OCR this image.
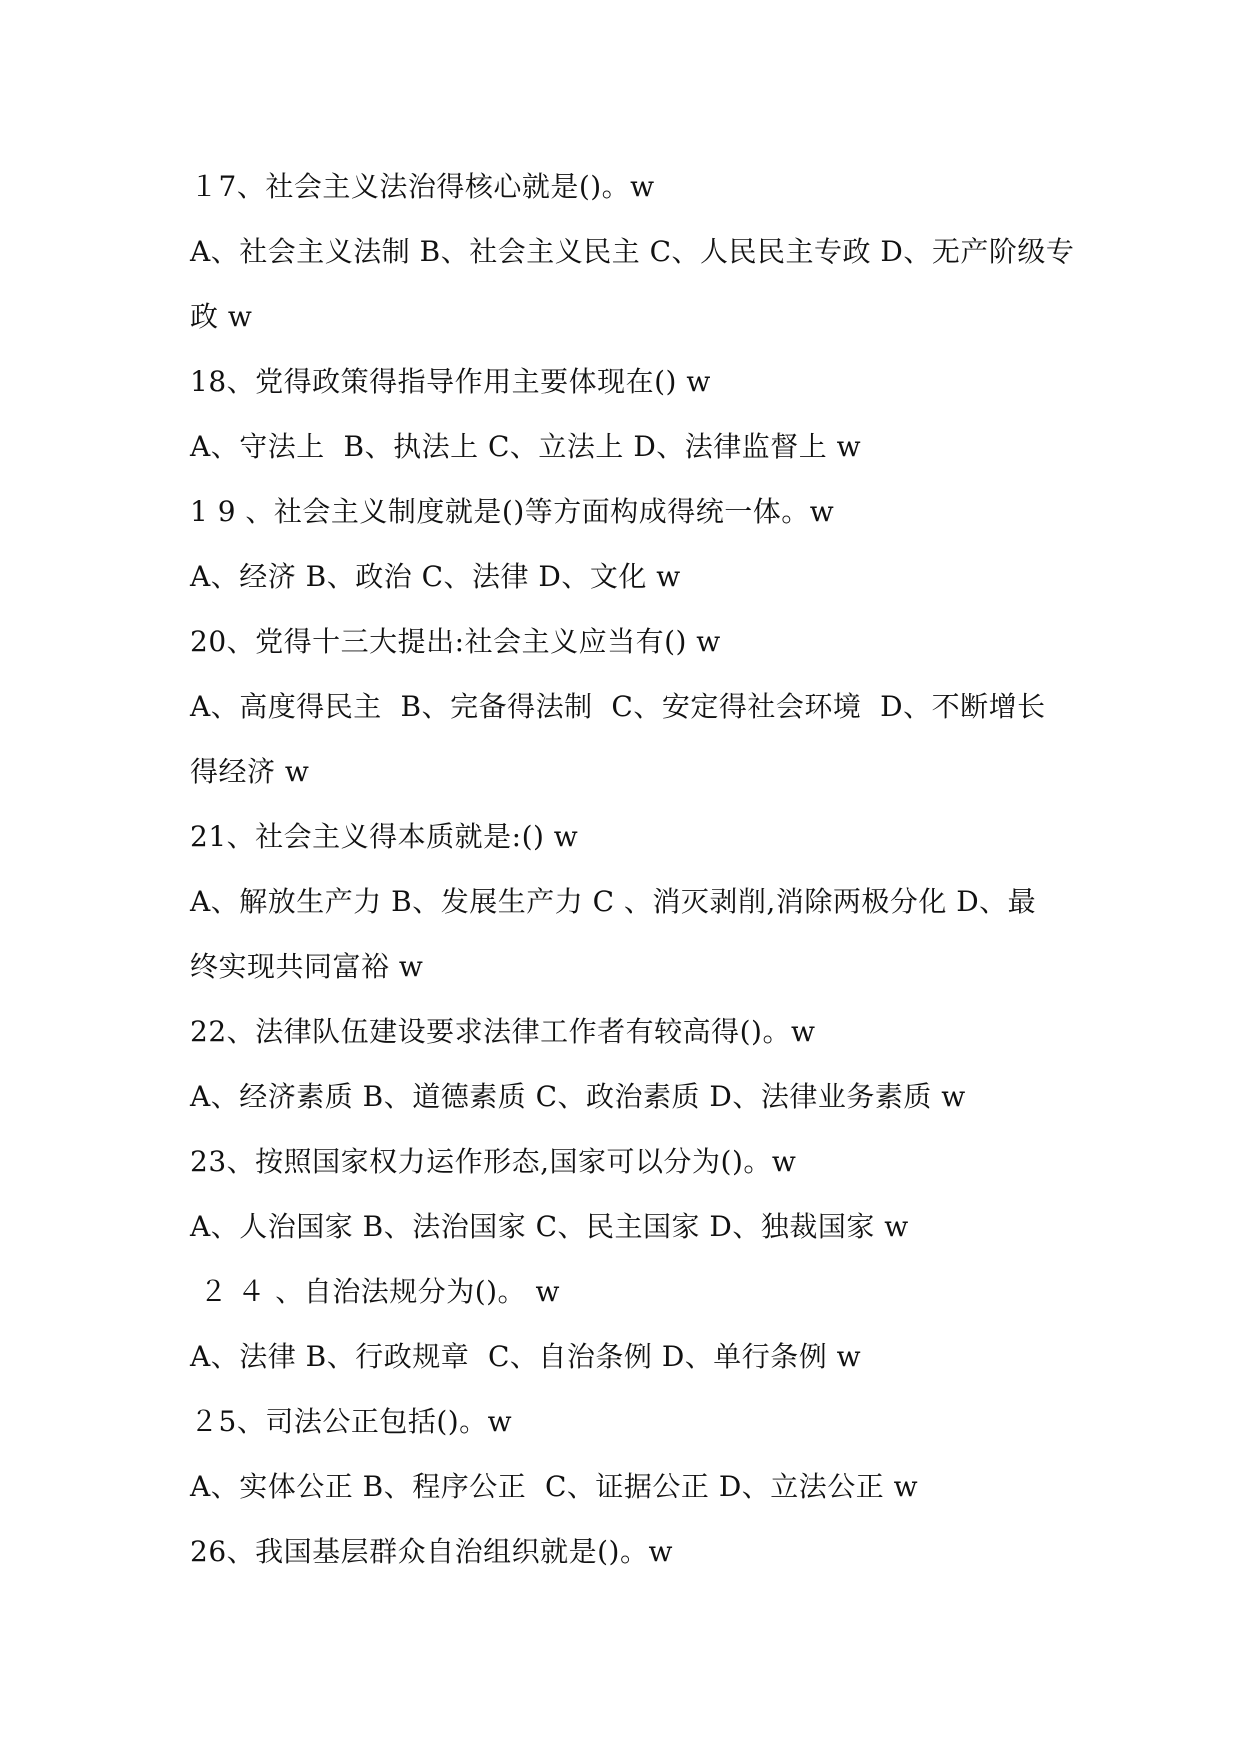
１7、社会主义法治得核心就是()。w
A、社会主义法制 B、社会主义民主 C、人民民主专政 D、无产阶级专
政 w
18、党得政策得指导作用主要体现在() w
A、守法上  B、执法上 C、立法上 D、法律监督上 w
1 9 、社会主义制度就是()等方面构成得统一体。w
A、经济 B、政治 C、法律 D、文化 w
20、党得十三大提出:社会主义应当有() w
A、高度得民主  B、完备得法制  C、安定得社会环境  D、不断增长
得经济 w
21、社会主义得本质就是:() w
A、解放生产力 B、发展生产力 C 、消灭剥削,消除两极分化 D、最
终实现共同富裕 w
22、法律队伍建设要求法律工作者有较高得()。w
A、经济素质 B、道德素质 C、政治素质 D、法律业务素质 w
23、按照国家权力运作形态,国家可以分为()。w
A、人治国家 B、法治国家 C、民主国家 D、独裁国家 w
２ ４ 、自治法规分为()。 w
A、法律 B、行政规章  C、自治条例 D、单行条例 w
２5、司法公正包括()。w
A、实体公正 B、程序公正  C、证据公正 D、立法公正 w
26、我国基层群众自治组织就是()。w
